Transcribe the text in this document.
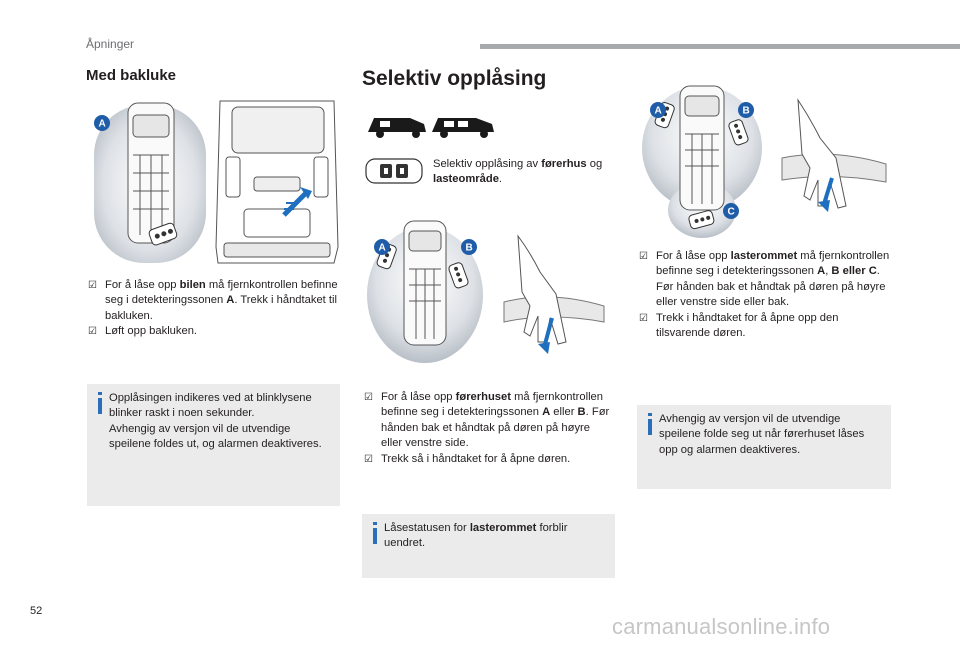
Åpninger
Med bakluke
A
☑ For å låse opp bilen må fjernkontrollen befinne seg i detekteringssonen A. Trekk i håndtaket til bakluken.
☑ Løft opp bakluken.
Opplåsingen indikeres ved at blinklysene blinker raskt i noen sekunder.
Avhengig av versjon vil de utvendige speilene foldes ut, og alarmen deaktiveres.
Selektiv opplåsing
Selektiv opplåsing av førerhus og lasteområde.
A	B
☑ For å låse opp førerhuset må fjernkontrollen befinne seg i detekteringssonen A eller B. Før hånden bak et håndtak på døren på høyre eller venstre side.
☑ Trekk så i håndtaket for å åpne døren.
Låsestatusen for lasterommet forblir uendret.
A	B
C
☑ For å låse opp lasterommet må fjernkontrollen befinne seg i detekteringssonen A, B eller C. Før hånden bak et håndtak på døren på høyre eller venstre side eller bak.
☑ Trekk i håndtaket for å åpne opp den tilsvarende døren.
Avhengig av versjon vil de utvendige speilene folde seg ut når førerhuset låses opp og alarmen deaktiveres.
52
carmanualsonline.info
